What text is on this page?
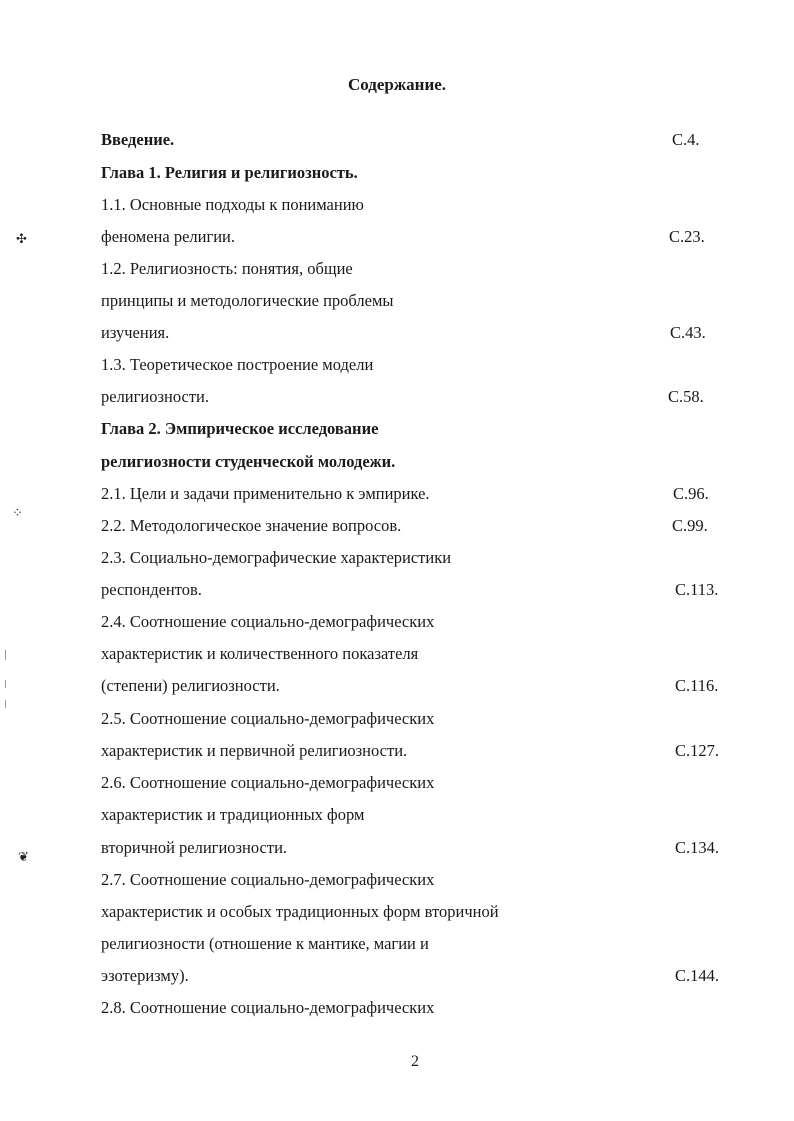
Содержание.
Введение.	С.4.
Глава 1. Религия и религиозность.
1.1. Основные подходы к пониманию
феномена религии.	С.23.
1.2. Религиозность: понятия, общие
принципы и методологические проблемы
изучения.	С.43.
1.3. Теоретическое построение модели
религиозности.	С.58.
Глава 2. Эмпирическое исследование
религиозности студенческой молодежи.
2.1. Цели и задачи применительно к эмпирике.	С.96.
2.2. Методологическое значение вопросов.	С.99.
2.3. Социально-демографические характеристики
респондентов.	С.113.
2.4. Соотношение социально-демографических
характеристик и количественного показателя
(степени) религиозности.	С.116.
2.5. Соотношение социально-демографических
характеристик и первичной религиозности.	С.127.
2.6. Соотношение социально-демографических
характеристик и традиционных форм
вторичной религиозности.	С.134.
2.7. Соотношение социально-демографических
характеристик и особых традиционных форм вторичной
религиозности (отношение к мантике, магии и
эзотеризму).	С.144.
2.8. Соотношение социально-демографических
2
✣
⁘
❦
